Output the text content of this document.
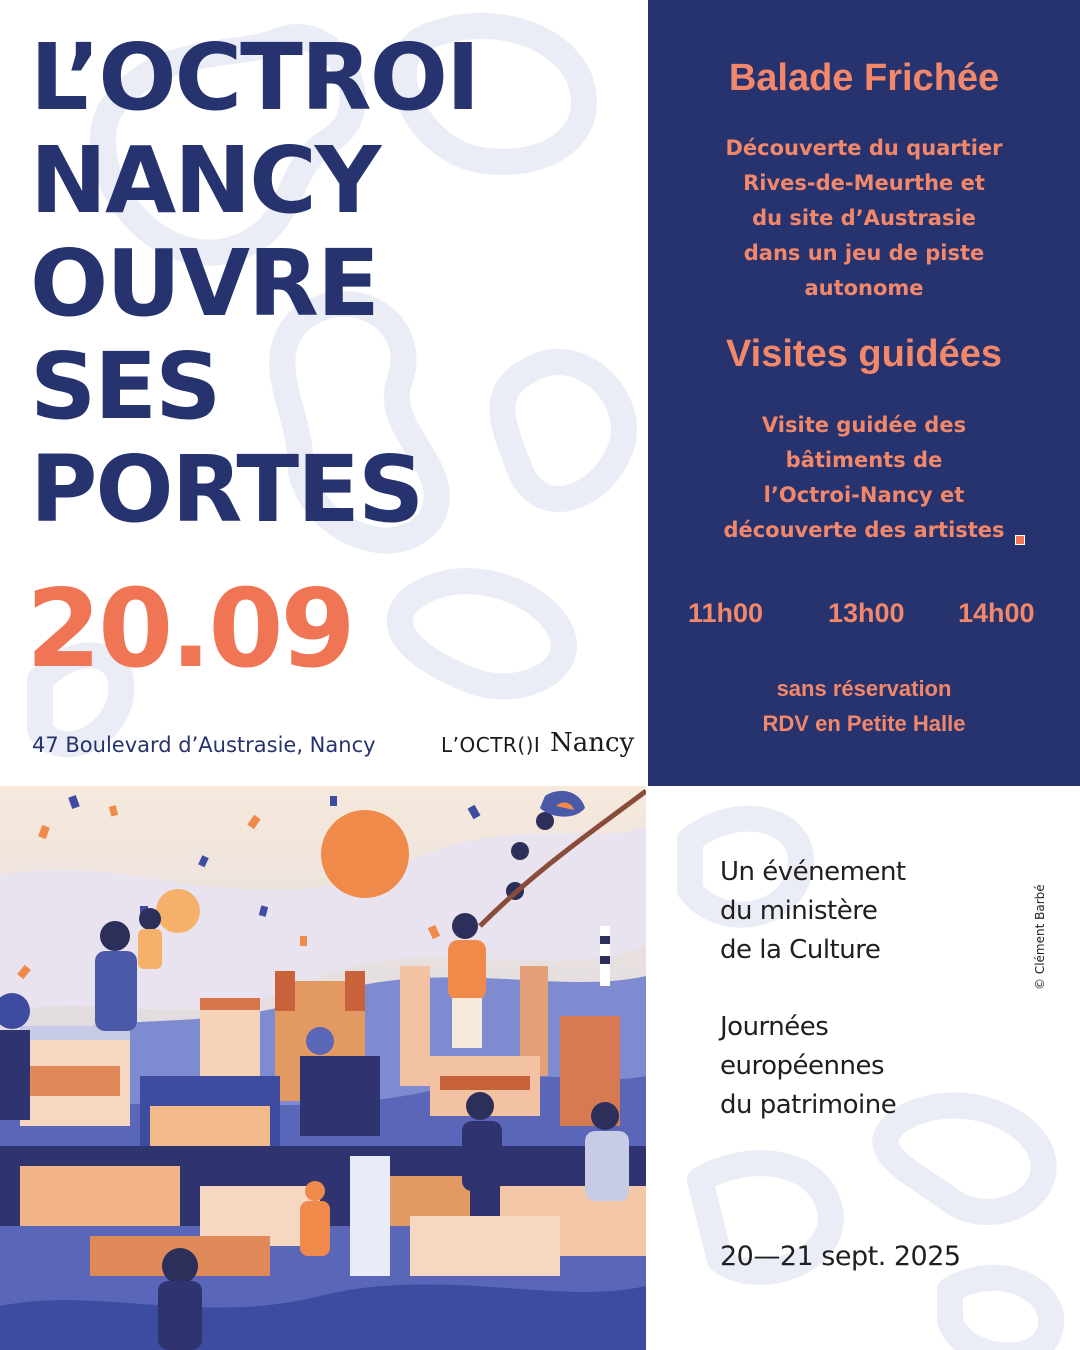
L’OCTROI
NANCY
OUVRE
SES
PORTES
20.09
47 Boulevard d’Austrasie, Nancy	L’OCTR()I Nancy
Balade Frichée
Découverte du quartier
Rives-de-Meurthe et
du site d’Austrasie
dans un jeu de piste
autonome
Visites guidées
Visite guidée des
bâtiments de
l’Octroi-Nancy et
découverte des artistes
11h00 13h00 14h00
sans réservation
RDV en Petite Halle
Un événement
du ministère
de la Culture
Journées
européennes
du patrimoine
© Clément Barbé
20—21 sept. 2025
